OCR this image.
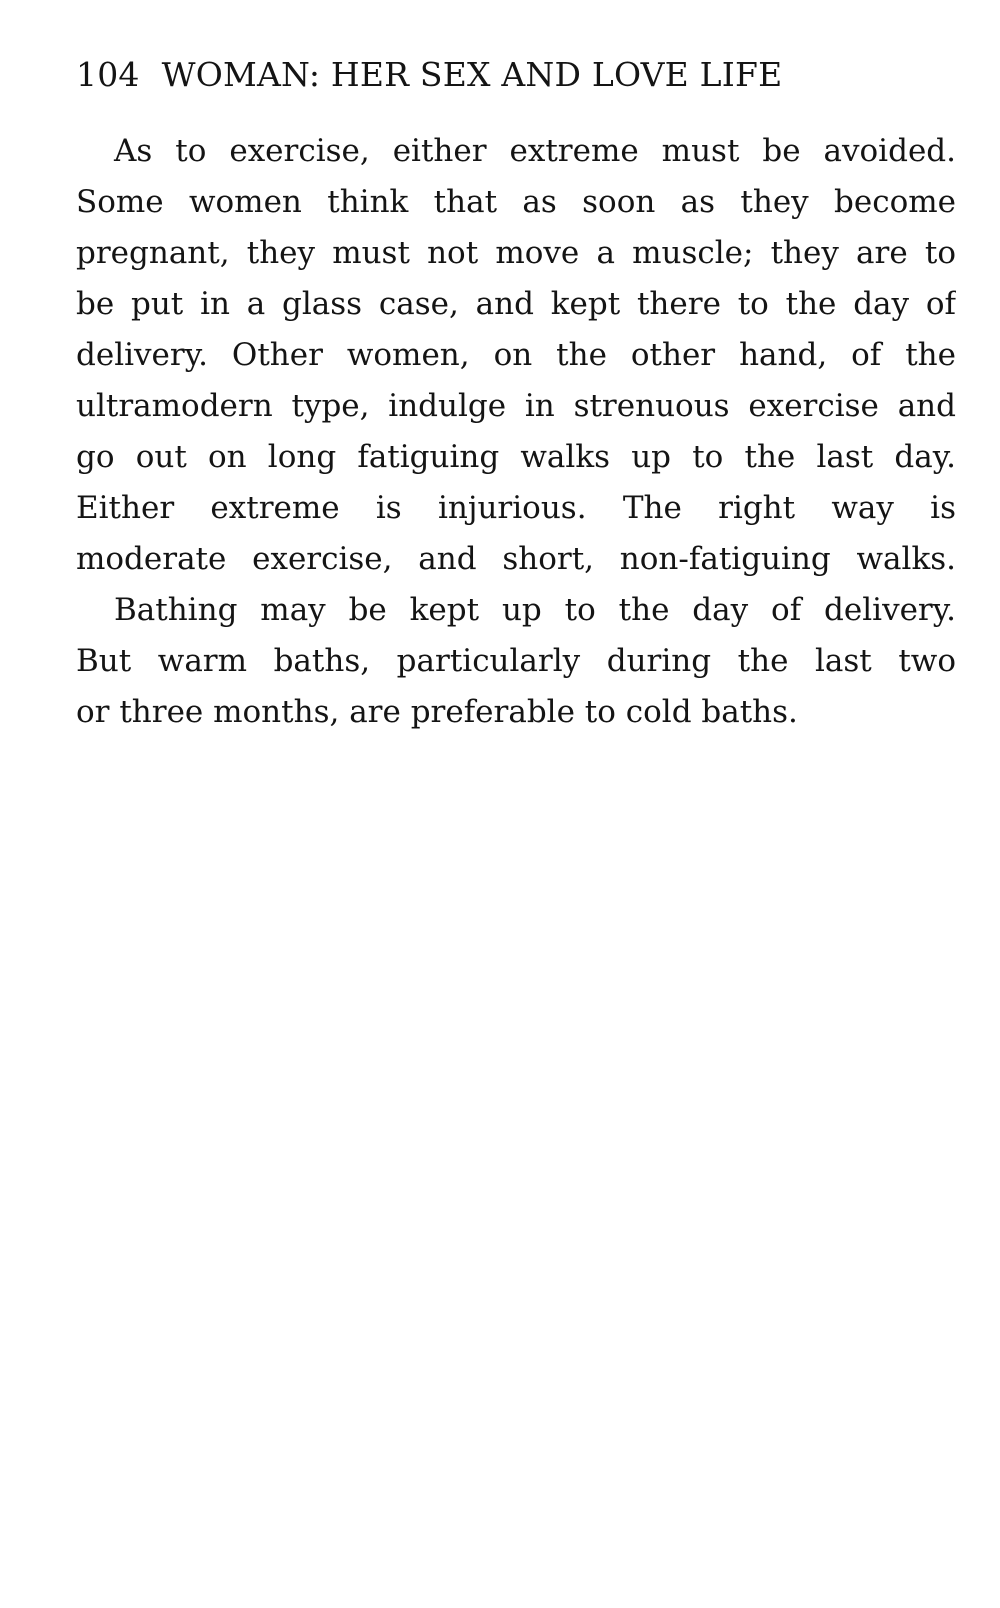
104 WOMAN: HER SEX AND LOVE LIFE
As to exercise, either extreme must be avoided.
Some women think that as soon as they become
pregnant, they must not move a muscle; they are to
be put in a glass case, and kept there to the day of
delivery. Other women, on the other hand, of the
ultramodern type, indulge in strenuous exercise and
go out on long fatiguing walks up to the last day.
Either extreme is injurious. The right way is
moderate exercise, and short, non-fatiguing walks.
Bathing may be kept up to the day of delivery.
But warm baths, particularly during the last two
or three months, are preferable to cold baths.
